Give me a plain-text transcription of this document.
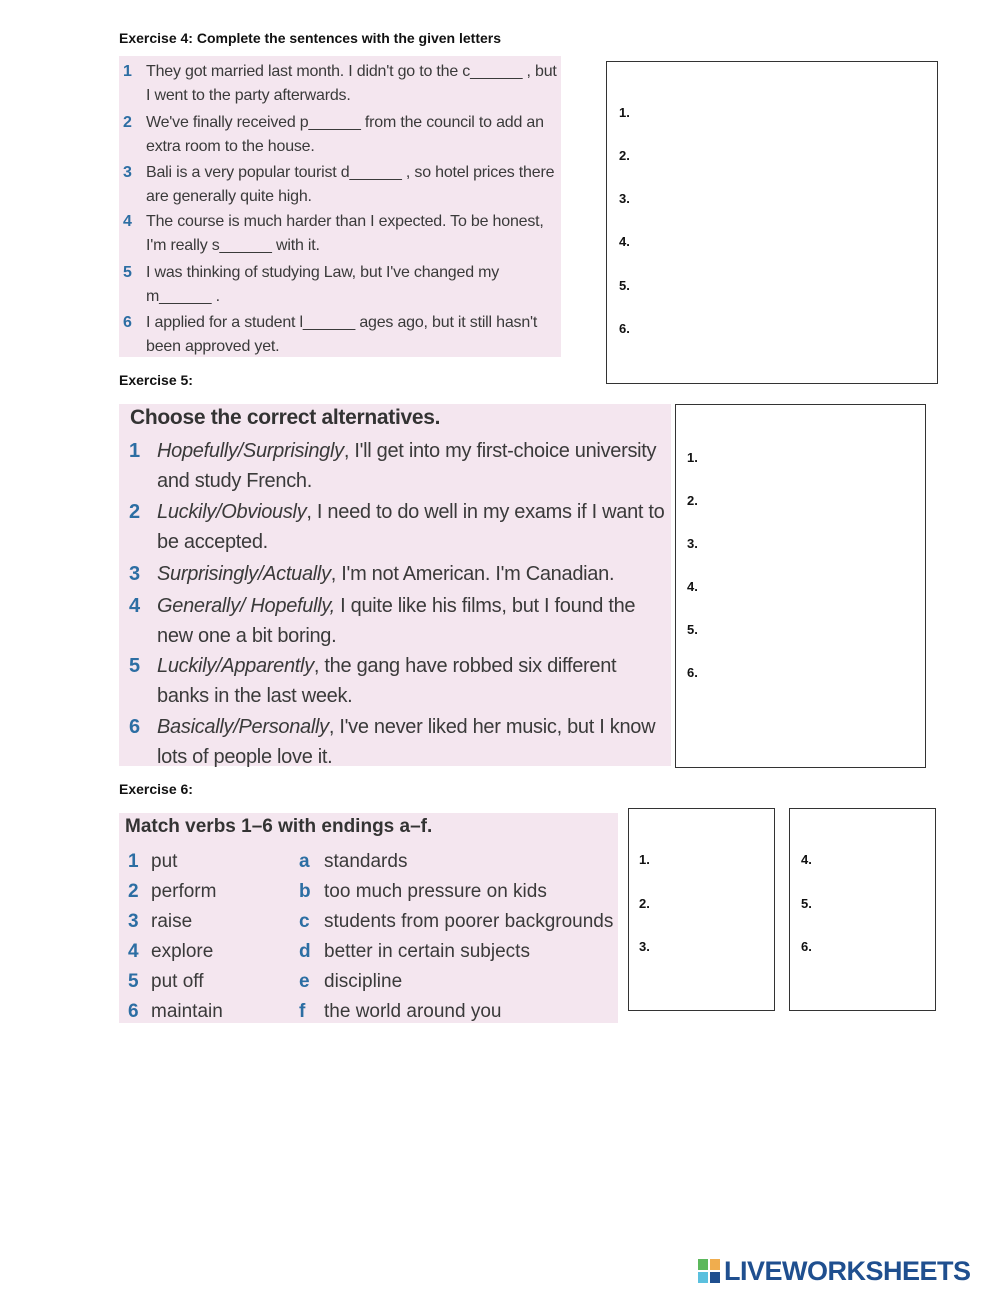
Exercise 4: Complete the sentences with the given letters
1 They got married last month. I didn't go to the c______ , but I went to the party afterwards.
2 We've finally received p______ from the council to add an extra room to the house.
3 Bali is a very popular tourist d______ , so hotel prices there are generally quite high.
4 The course is much harder than I expected. To be honest, I'm really s______ with it.
5 I was thinking of studying Law, but I've changed my m______ .
6 I applied for a student l______ ages ago, but it still hasn't been approved yet.
1.
2.
3.
4.
5.
6.
Exercise 5:
Choose the correct alternatives.
1 Hopefully/Surprisingly, I'll get into my first-choice university and study French.
2 Luckily/Obviously, I need to do well in my exams if I want to be accepted.
3 Surprisingly/Actually, I'm not American. I'm Canadian.
4 Generally/ Hopefully, I quite like his films, but I found the new one a bit boring.
5 Luckily/Apparently, the gang have robbed six different banks in the last week.
6 Basically/Personally, I've never liked her music, but I know lots of people love it.
1.
2.
3.
4.
5.
6.
Exercise 6:
Match verbs 1–6 with endings a–f.
1 put	a standards
2 perform	b too much pressure on kids
3 raise	c students from poorer backgrounds
4 explore	d better in certain subjects
5 put off	e discipline
6 maintain	f the world around you
1.
2.
3.
4.
5.
6.
LIVEWORKSHEETS
